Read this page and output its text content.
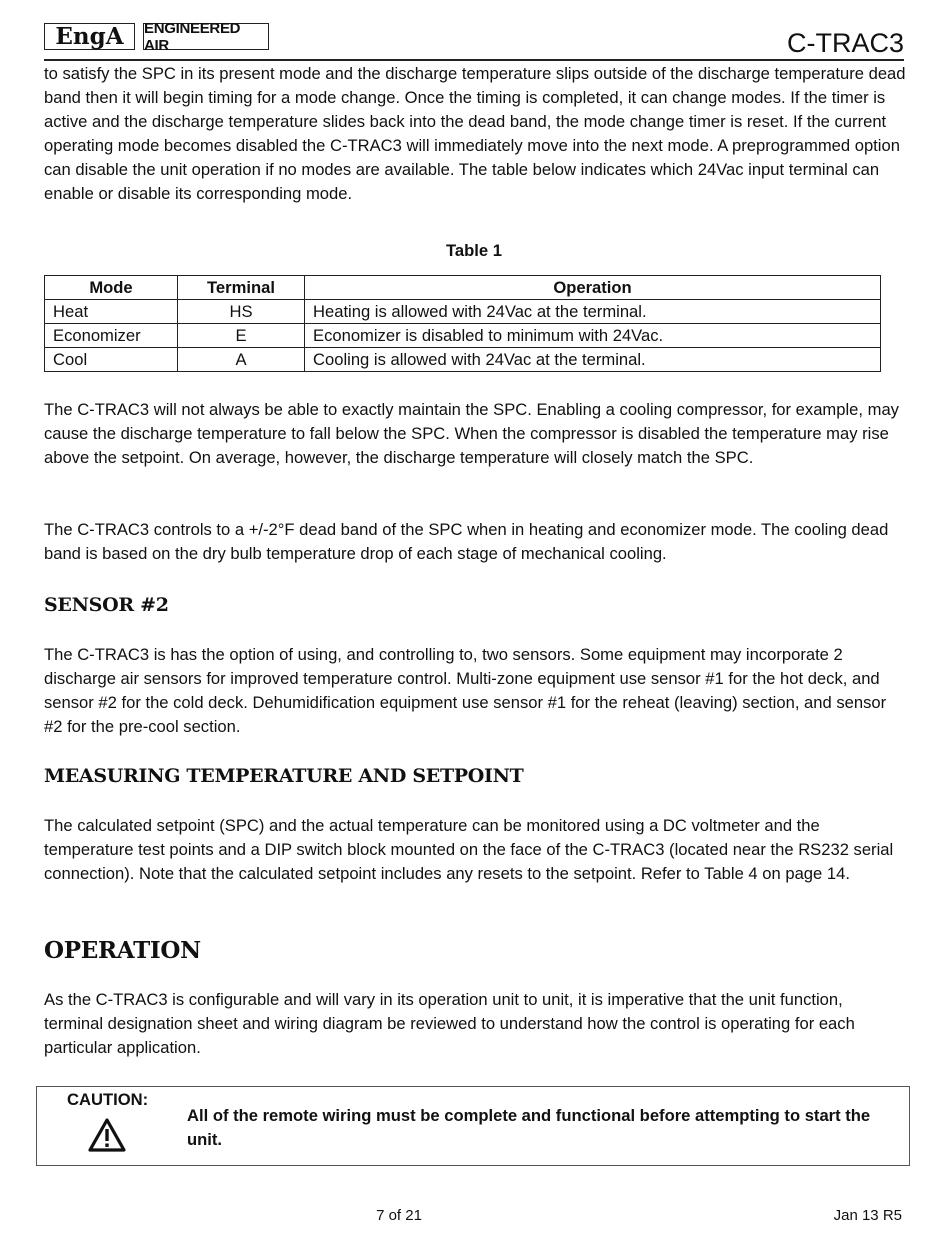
EngA ENGINEERED AIR	C-TRAC3

to satisfy the SPC in its present mode and the discharge temperature slips outside of the discharge temperature dead band then it will begin timing for a mode change. Once the timing is completed, it can change modes. If the timer is active and the discharge temperature slides back into the dead band, the mode change timer is reset. If the current operating mode becomes disabled the C-TRAC3 will immediately move into the next mode. A preprogrammed option can disable the unit operation if no modes are available. The table below indicates which 24Vac input terminal can enable or disable its corresponding mode.

Table 1
Mode	Terminal	Operation
Heat	HS	Heating is allowed with 24Vac at the terminal.
Economizer	E	Economizer is disabled to minimum with 24Vac.
Cool	A	Cooling is allowed with 24Vac at the terminal.

The C-TRAC3 will not always be able to exactly maintain the SPC. Enabling a cooling compressor, for example, may cause the discharge temperature to fall below the SPC. When the compressor is disabled the temperature may rise above the setpoint. On average, however, the discharge temperature will closely match the SPC.

The C-TRAC3 controls to a +/-2°F dead band of the SPC when in heating and economizer mode. The cooling dead band is based on the dry bulb temperature drop of each stage of mechanical cooling.

SENSOR #2

The C-TRAC3 is has the option of using, and controlling to, two sensors. Some equipment may incorporate 2 discharge air sensors for improved temperature control. Multi-zone equipment use sensor #1 for the hot deck, and sensor #2 for the cold deck. Dehumidification equipment use sensor #1 for the reheat (leaving) section, and sensor #2 for the pre-cool section.

MEASURING TEMPERATURE AND SETPOINT

The calculated setpoint (SPC) and the actual temperature can be monitored using a DC voltmeter and the temperature test points and a DIP switch block mounted on the face of the C-TRAC3 (located near the RS232 serial connection). Note that the calculated setpoint includes any resets to the setpoint. Refer to Table 4 on page 14.

OPERATION

As the C-TRAC3 is configurable and will vary in its operation unit to unit, it is imperative that the unit function, terminal designation sheet and wiring diagram be reviewed to understand how the control is operating for each particular application.

CAUTION:

All of the remote wiring must be complete and functional before attempting to start the unit.

7 of 21	Jan 13 R5
